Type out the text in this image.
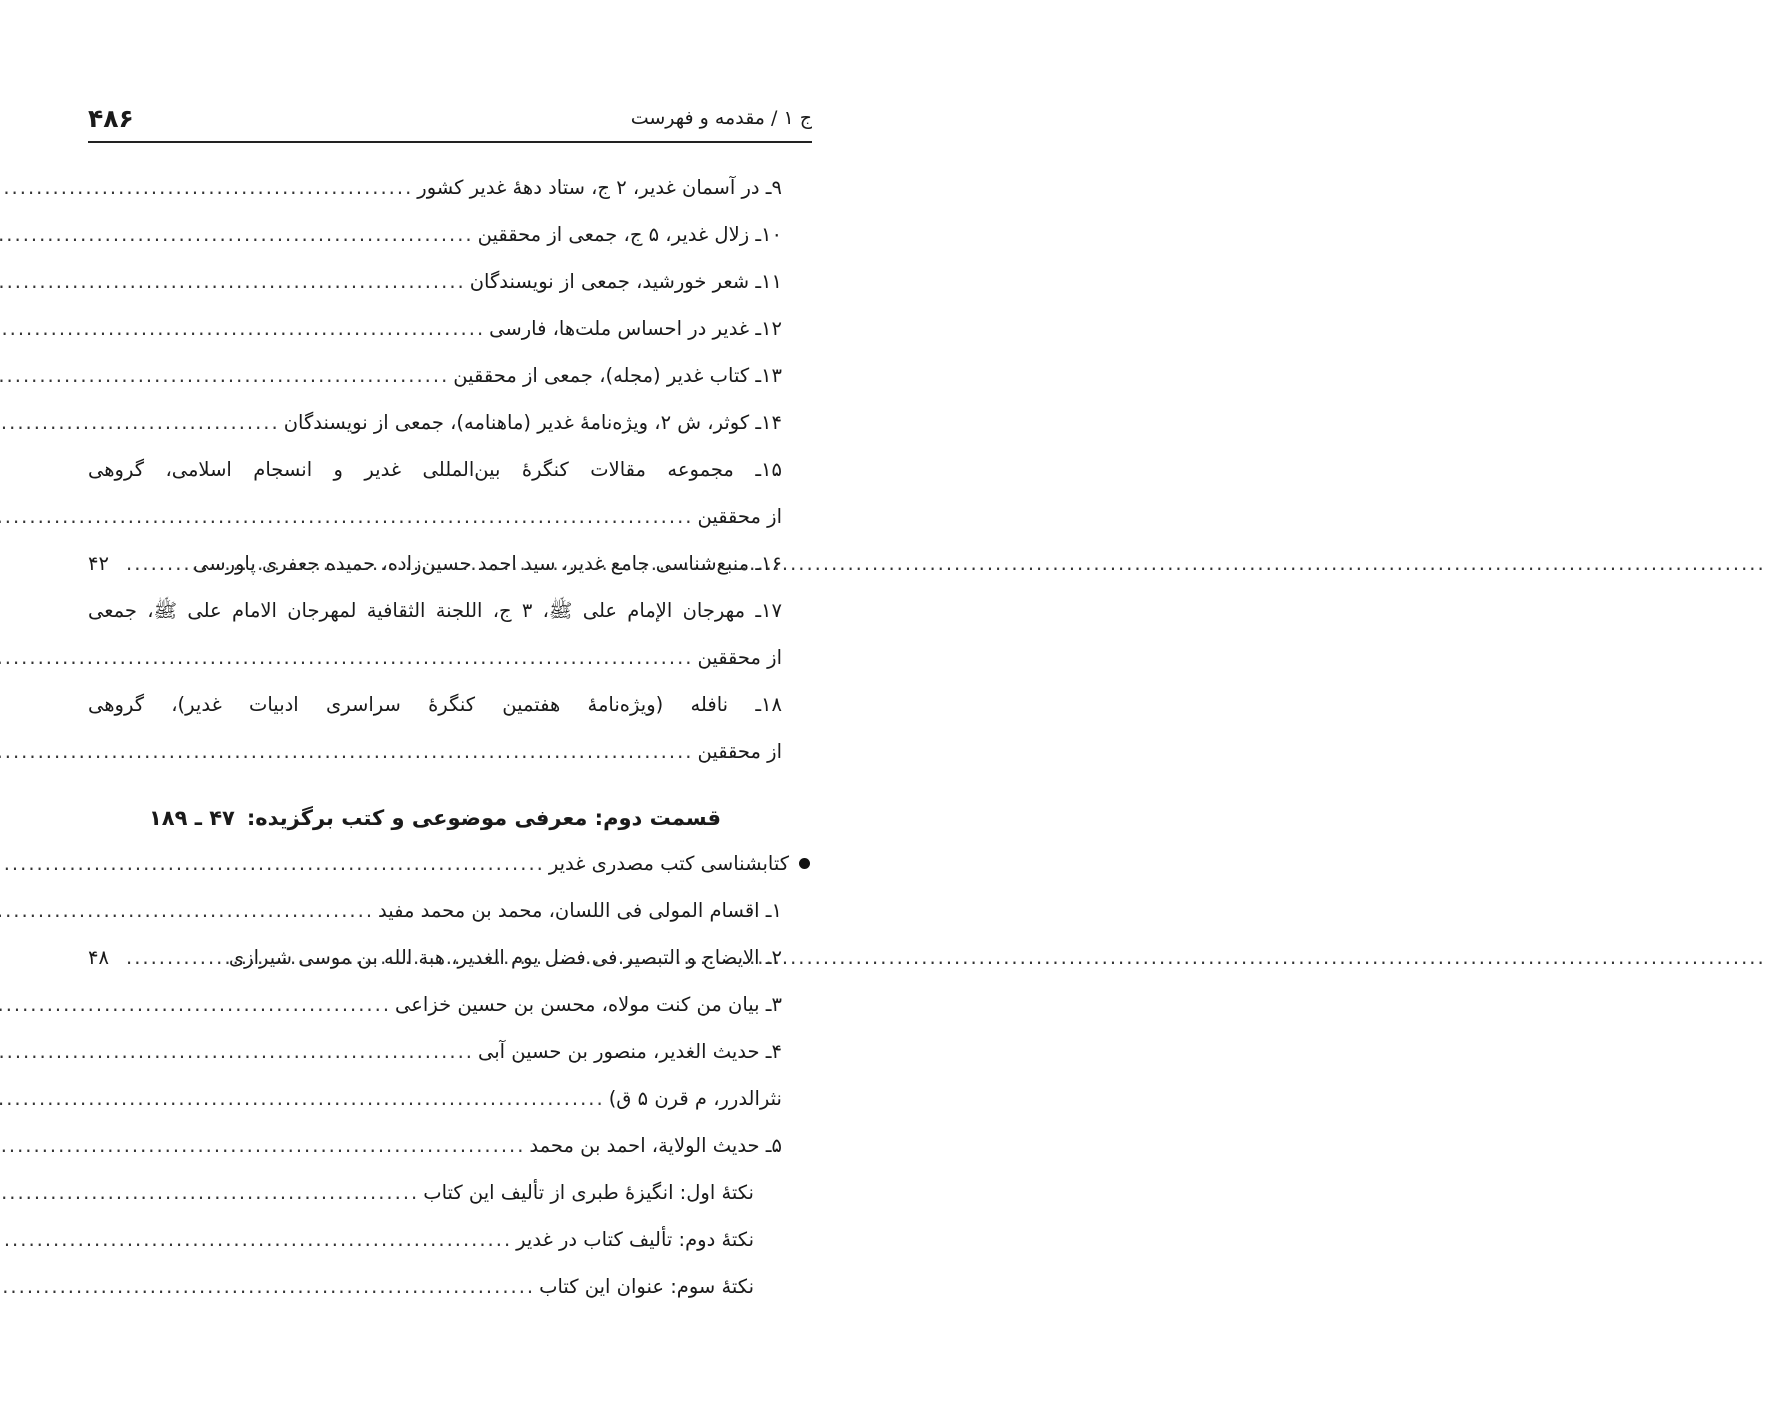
۴۸۶	ج ۱ / مقدمه و فهرست
۹ـ در آسمان غدیر، ۲ ج، ستاد دهۀ غدیر کشور
.....
۱۰ـ زلال غدیر، ۵ ج، جمعی از محققین
.....
۱۱ـ شعر خورشید، جمعی از نویسندگان
.....
۱۲ـ غدیر در احساس ملت‌ها، فارسی
.....
۱۳ـ کتاب غدیر (مجله)، جمعی از محققین
.....
۱۴ـ کوثر، ش ۲، ویژه‌نامۀ غدیر (ماهنامه)، جمعی از نویسندگان
.....
۱۵ـ مجموعه مقالات کنگرۀ بین‌المللی غدیر و انسجام اسلامی، گروهی
از محققین
.....
۱۶ـ منبع‌شناسی جامع غدیر، سید احمد حسین‌زاده، حمیده جعفری پاورسی
.....
۴۲
۱۷ـ مهرجان الإمام علی ﷺ، ۳ ج، اللجنة الثقافیة لمهرجان الامام علی ﷺ، جمعی
از محققین
.....
۱۸ـ نافله (ویژه‌نامۀ هفتمین کنگرۀ سراسری ادبیات غدیر)، گروهی
از محققین
.....
قسمت دوم: معرفی موضوعی و کتب برگزیده:
۴۷ ـ ۱۸۹
کتابشناسی کتب مصدری غدیر
.....
۱ـ اقسام المولی فی اللسان، محمد بن محمد مفید
.....
۲ـ الایضاح و التبصیر فی فضل یوم الغدیر، هبة الله بن موسی شیرازی
.....
۴۸
۳ـ بیان من کنت مولاه، محسن بن حسین خزاعی
.....
۴ـ حدیث الغدیر، منصور بن حسین آبی
.....
نثرالدرر، م قرن ۵ ق)
.....
۵ـ حدیث الولایة، احمد بن محمد
.....
نکتۀ اول: انگیزۀ طبری از تألیف این کتاب
.....
نکتۀ دوم: تألیف کتاب در غدیر
.....
نکتۀ سوم: عنوان این کتاب
.....
